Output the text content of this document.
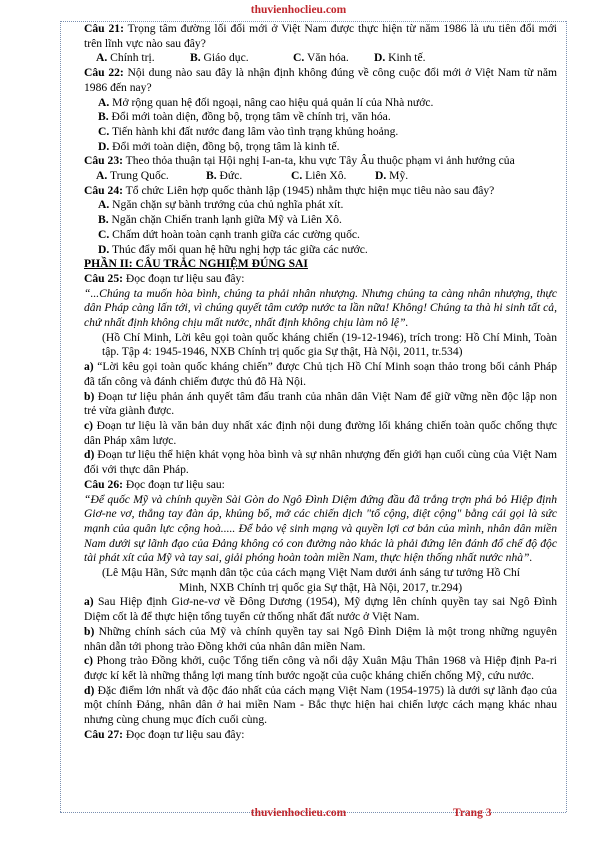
thuvienhoclieu.com

Câu 21: Trọng tâm đường lối đổi mới ở Việt Nam được thực hiện từ năm 1986 là ưu tiên đổi mới trên lĩnh vực nào sau đây?

A. Chính trị.	B. Giáo dục.	C. Văn hóa.	D. Kinh tế.

Câu 22: Nội dung nào sau đây là nhận định không đúng về công cuộc đổi mới ở Việt Nam từ năm 1986 đến nay?

A. Mở rộng quan hệ đối ngoại, nâng cao hiệu quả quản lí của Nhà nước.

B. Đổi mới toàn diện, đồng bộ, trọng tâm về chính trị, văn hóa.

C. Tiến hành khi đất nước đang lâm vào tình trạng khủng hoảng.

D. Đổi mới toàn diện, đồng bộ, trọng tâm là kinh tế.

Câu 23: Theo thỏa thuận tại Hội nghị I-an-ta, khu vực Tây Âu thuộc phạm vi ảnh hưởng của

A. Trung Quốc.	B. Đức.	C. Liên Xô.	D. Mỹ.

Câu 24: Tổ chức Liên hợp quốc thành lập (1945) nhằm thực hiện mục tiêu nào sau đây?

A. Ngăn chặn sự bành trướng của chủ nghĩa phát xít.

B. Ngăn chặn Chiến tranh lạnh giữa Mỹ và Liên Xô.

C. Chấm dứt hoàn toàn cạnh tranh giữa các cường quốc.

D. Thúc đẩy mối quan hệ hữu nghị hợp tác giữa các nước.

PHẦN II: CÂU TRẮC NGHIỆM ĐÚNG SAI

Câu 25: Đọc đoạn tư liệu sau đây:

“...Chúng ta muốn hòa bình, chúng ta phải nhân nhượng. Nhưng chúng ta càng nhân nhượng, thực dân Pháp càng lấn tới, vì chúng quyết tâm cướp nước ta lần nữa! Không! Chúng ta thà hi sinh tất cả, chứ nhất định không chịu mất nước, nhất định không chịu làm nô lệ”.

(Hồ Chí Minh, Lời kêu gọi toàn quốc kháng chiến (19-12-1946), trích trong: Hồ Chí Minh, Toàn tập. Tập 4: 1945-1946, NXB Chính trị quốc gia Sự thật, Hà Nội, 2011, tr.534)

a) “Lời kêu gọi toàn quốc kháng chiến” được Chủ tịch Hồ Chí Minh soạn thảo trong bối cảnh Pháp đã tấn công và đánh chiếm được thủ đô Hà Nội.

b) Đoạn tư liệu phản ánh quyết tâm đấu tranh của nhân dân Việt Nam để giữ vững nền độc lập non trẻ vừa giành được.

c) Đoạn tư liệu là văn bản duy nhất xác định nội dung đường lối kháng chiến toàn quốc chống thực dân Pháp xâm lược.

d) Đoạn tư liệu thể hiện khát vọng hòa bình và sự nhân nhượng đến giới hạn cuối cùng của Việt Nam đối với thực dân Pháp.

Câu 26: Đọc đoạn tư liệu sau:

“Để quốc Mỹ và chính quyền Sài Gòn do Ngô Đình Diệm đứng đầu đã trắng trợn phá bỏ Hiệp định Giơ-ne vơ, thẳng tay đàn áp, khủng bố, mở các chiến dịch "tố cộng, diệt cộng" bằng cái gọi là sức mạnh của quân lực cộng hoà..... Để bảo vệ sinh mạng và quyền lợi cơ bản của mình, nhân dân miền Nam dưới sự lãnh đạo của Đảng không có con đường nào khác là phải đứng lên đánh đổ chế độ độc tài phát xít của Mỹ và tay sai, giải phóng hoàn toàn miền Nam, thực hiện thống nhất nước nhà”.

(Lê Mậu Hãn, Sức mạnh dân tộc của cách mạng Việt Nam dưới ánh sáng tư tưởng Hồ Chí

Minh, NXB Chính trị quốc gia Sự thật, Hà Nội, 2017, tr.294)

a) Sau Hiệp định Giơ-ne-vơ về Đông Dương (1954), Mỹ dựng lên chính quyền tay sai Ngô Đình Diệm cốt là để thực hiện tổng tuyển cử thống nhất đất nước ở Việt Nam.

b) Những chính sách của Mỹ và chính quyền tay sai Ngô Đình Diệm là một trong những nguyên nhân dẫn tới phong trào Đồng khởi của nhân dân miền Nam.

c) Phong trào Đồng khởi, cuộc Tổng tiến công và nổi dậy Xuân Mậu Thân 1968 và Hiệp định Pa-ri được kí kết là những thắng lợi mang tính bước ngoặt của cuộc kháng chiến chống Mỹ, cứu nước.

d) Đặc điểm lớn nhất và độc đáo nhất của cách mạng Việt Nam (1954-1975) là dưới sự lãnh đạo của một chính Đảng, nhân dân ở hai miền Nam - Bắc thực hiện hai chiến lược cách mạng khác nhau nhưng cùng chung mục đích cuối cùng.

Câu 27: Đọc đoạn tư liệu sau đây:

thuvienhoclieu.com	Trang 3
